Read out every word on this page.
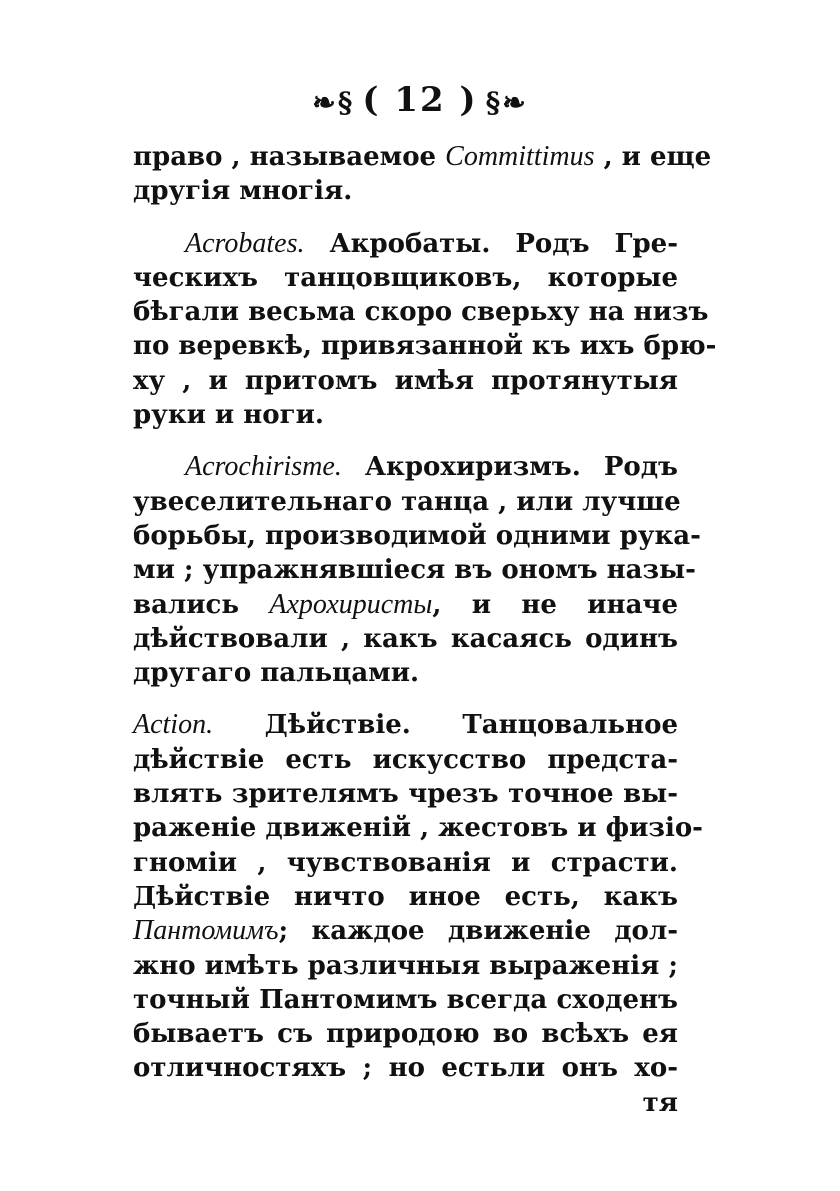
❧§ ( 12 ) §❧
право , называемое Committimus , и еще
другія многія.
Acrobates. Акробаты. Родъ Гре-
ческихъ танцовщиковъ, которые
бѣгали весьма скоро сверьху на низъ
по веревкѣ, привязанной къ ихъ брю-
ху , и притомъ имѣя протянутыя
руки и ноги.
Acrochirisme. Акрохиризмъ. Родъ
увеселительнаго танца , или лучше
борьбы, производимой одними рука-
ми ; упражнявшіеся въ ономъ назы-
вались Ахрохиристы, и не иначе
дѣйствовали , какъ касаясь одинъ
другаго пальцами.
Action. Дѣйствіе. Танцовальное
дѣйствіе есть искусство предста-
влять зрителямъ чрезъ точное вы-
раженіе движеній , жестовъ и физіо-
гноміи , чувствованія и страсти.
Дѣйствіе ничто иное есть, какъ
Пантомимъ; каждое движеніе дол-
жно имѣть различныя выраженія ;
точный Пантомимъ всегда сходенъ
бываетъ съ природою во всѣхъ ея
отличностяхъ ; но естьли онъ хо-
тя
